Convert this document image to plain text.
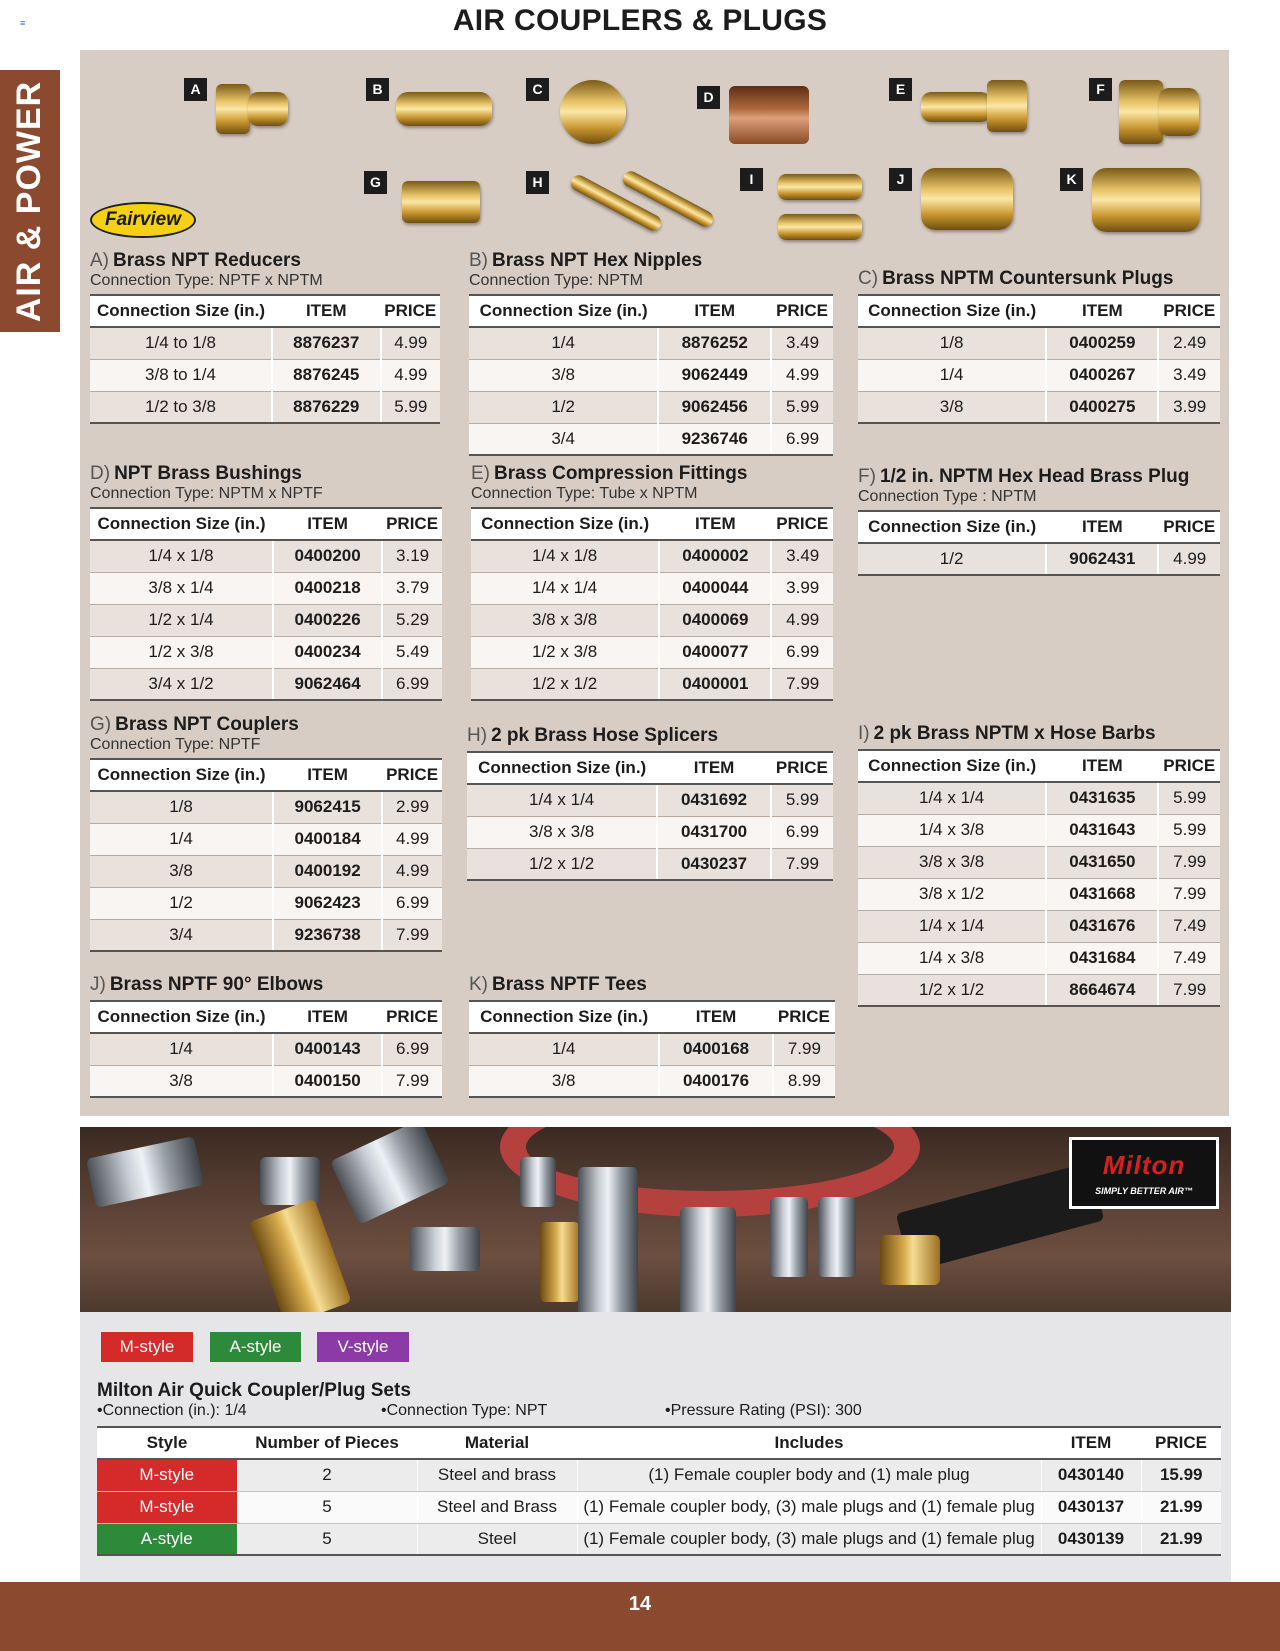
AIR COUPLERS & PLUGS
≡
AIR & POWER	A	B	C	D	E	F
Fairview
G	H	I	J	K
A) Brass NPT Reducers
Connection Type: NPTF x NPTM
Connection Size (in.)	ITEM	PRICE
1/4 to 1/8	8876237	4.99
3/8 to 1/4	8876245	4.99
1/2 to 3/8	8876229	5.99
B) Brass NPT Hex Nipples
Connection Type: NPTM
Connection Size (in.)	ITEM	PRICE
1/4	8876252	3.49
3/8	9062449	4.99
1/2	9062456	5.99
3/4	9236746	6.99
C) Brass NPTM Countersunk Plugs
Connection Size (in.)	ITEM	PRICE
1/8	0400259	2.49
1/4	0400267	3.49
3/8	0400275	3.99
D) NPT Brass Bushings
Connection Type: NPTM x NPTF
Connection Size (in.)	ITEM	PRICE
1/4 x 1/8	0400200	3.19
3/8 x 1/4	0400218	3.79
1/2 x 1/4	0400226	5.29
1/2 x 3/8	0400234	5.49
3/4 x 1/2	9062464	6.99
E) Brass Compression Fittings
Connection Type: Tube x NPTM
Connection Size (in.)	ITEM	PRICE
1/4 x 1/8	0400002	3.49
1/4 x 1/4	0400044	3.99
3/8 x 3/8	0400069	4.99
1/2 x 3/8	0400077	6.99
1/2 x 1/2	0400001	7.99
F) 1/2 in. NPTM Hex Head Brass Plug
Connection Type : NPTM
Connection Size (in.)	ITEM	PRICE
1/2	9062431	4.99
G) Brass NPT Couplers
Connection Type: NPTF
Connection Size (in.)	ITEM	PRICE
1/8	9062415	2.99
1/4	0400184	4.99
3/8	0400192	4.99
1/2	9062423	6.99
3/4	9236738	7.99
H) 2 pk Brass Hose Splicers
Connection Size (in.)	ITEM	PRICE
1/4 x 1/4	0431692	5.99
3/8 x 3/8	0431700	6.99
1/2 x 1/2	0430237	7.99
I) 2 pk Brass NPTM x Hose Barbs
Connection Size (in.)	ITEM	PRICE
1/4 x 1/4	0431635	5.99
1/4 x 3/8	0431643	5.99
3/8 x 3/8	0431650	7.99
3/8 x 1/2	0431668	7.99
1/4 x 1/4	0431676	7.49
1/4 x 3/8	0431684	7.49
1/2 x 1/2	8664674	7.99
J) Brass NPTF 90° Elbows
Connection Size (in.)	ITEM	PRICE
1/4	0400143	6.99
3/8	0400150	7.99
K) Brass NPTF Tees
Connection Size (in.)	ITEM	PRICE
1/4	0400168	7.99
3/8	0400176	8.99
Milton
SIMPLY BETTER AIR™
M-style	A-style	V-style
Milton Air Quick Coupler/Plug Sets
•Connection (in.): 1/4	•Connection Type: NPT	•Pressure Rating (PSI): 300
Style	Number of Pieces	Material	Includes	ITEM	PRICE
M-style	2	Steel and brass	(1) Female coupler body and (1) male plug	0430140	15.99
M-style	5	Steel and Brass	(1) Female coupler body, (3) male plugs and (1) female plug	0430137	21.99
A-style	5	Steel	(1) Female coupler body, (3) male plugs and (1) female plug	0430139	21.99
14
